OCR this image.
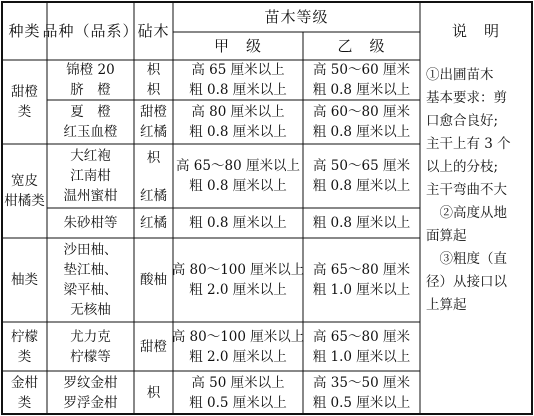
种类 品种（品系）
砧木
苗木等级
甲　级	乙　级
说　明
甜橙
类
锦橙 20
脐　橙
枳
枳
高 65 厘米以上
粗 0.8 厘米以上
高 50～60 厘米
粗 0.8 厘米以上
夏　橙
红玉血橙
甜橙
红橘
高 80 厘米以上
粗 0.8 厘米以上
高 60～80 厘米
粗 0.8 厘米以上
宽皮
柑橘类
大红袍
江南柑
温州蜜柑
枳
红橘
高 65～80 厘米以上
粗 0.8 厘米以上
高 50～65 厘米
粗 0.8 厘米以上
朱砂柑等 红橘 粗 0.8 厘米以上 粗 0.8 厘米以上
柚类
沙田柚、
垫江柚、
梁平柚、
无核柚
酸柚
高 80～100 厘米以上
粗 2.0 厘米以上
高 65～80 厘米
粗 1.0 厘米以上
柠檬
类
尤力克
柠檬等
甜橙
高 80～100 厘米以上
粗 2.0 厘米以上
高 65～80 厘米
粗 1.0 厘米以上
金柑
类
罗纹金柑
罗浮金柑
枳
高 50 厘米以上
粗 0.5 厘米以上
高 35～50 厘米
粗 0.5 厘米以上
①出圃苗木
基本要求：剪
口愈合良好;
主干上有 3 个
以上的分枝;
主干弯曲不大
　②高度从地
面算起
　③粗度（直
径）从接口以
上算起
